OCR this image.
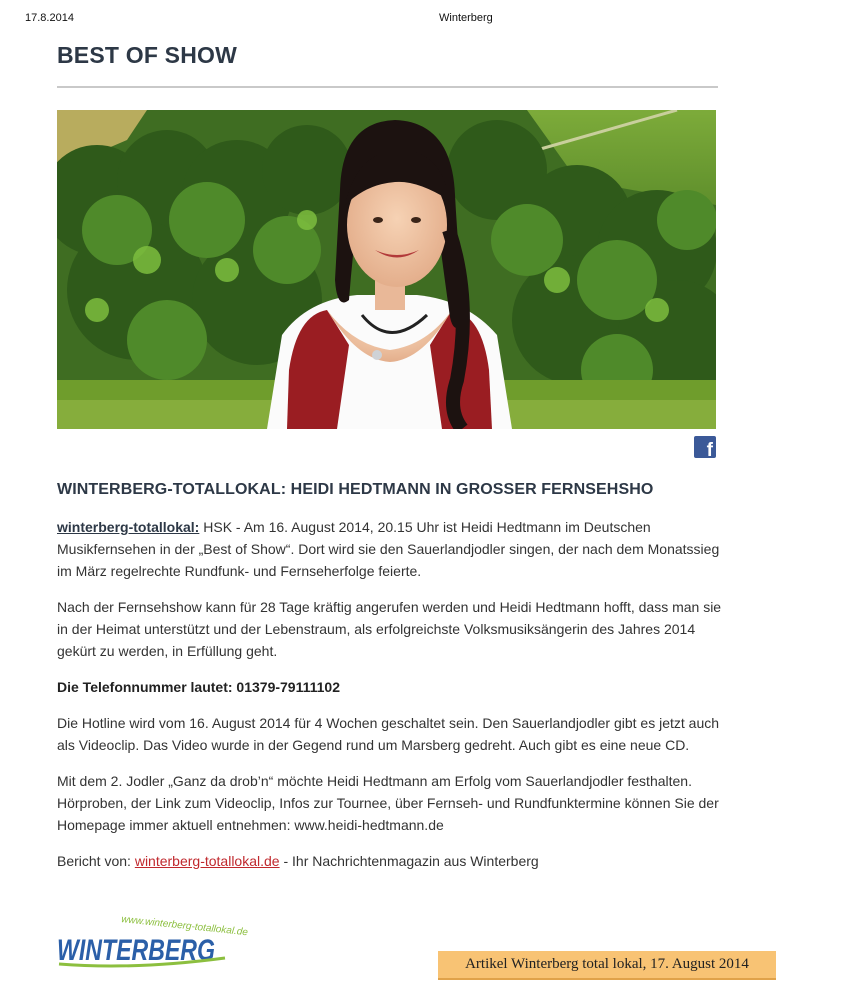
17.8.2014	Winterberg
BEST OF SHOW
f
WINTERBERG-TOTALLOKAL: HEIDI HEDTMANN IN GROSSER FERNSEHSHO

winterberg-totallokal: HSK - Am 16. August 2014, 20.15 Uhr ist Heidi Hedtmann im Deutschen Musikfernsehen in der „Best of Show“. Dort wird sie den Sauerlandjodler singen, der nach dem Monatssieg im März regelrechte Rundfunk- und Fernseherfolge feierte.

Nach der Fernsehshow kann für 28 Tage kräftig angerufen werden und Heidi Hedtmann hofft, dass man sie in der Heimat unterstützt und der Lebenstraum, als erfolgreichste Volksmusiksängerin des Jahres 2014 gekürt zu werden, in Erfüllung geht.

Die Telefonnummer lautet: 01379-79111102

Die Hotline wird vom 16. August 2014 für 4 Wochen geschaltet sein. Den Sauerlandjodler gibt es jetzt auch als Videoclip. Das Video wurde in der Gegend rund um Marsberg gedreht. Auch gibt es eine neue CD.

Mit dem 2. Jodler „Ganz da drob’n“ möchte Heidi Hedtmann am Erfolg vom Sauerlandjodler festhalten. Hörproben, der Link zum Videoclip, Infos zur Tournee, über Fernseh- und Rundfunktermine können Sie der Homepage immer aktuell entnehmen: www.heidi-hedtmann.de

Bericht von: winterberg-totallokal.de - Ihr Nachrichtenmagazin aus Winterberg

www.winterberg-totallokal.de
WINTERBERG	Artikel Winterberg total lokal, 17. August 2014
